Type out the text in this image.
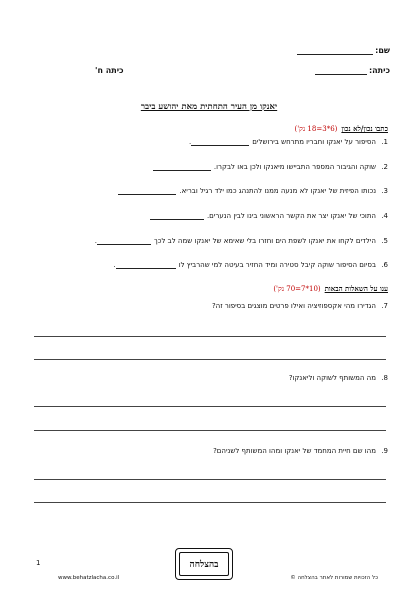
שם:
כיתה:
כיתה ח'
יאנקו מן העיר התחתית מאת יהושע ביבר
כתבו נכון/לא נכון(6*3=18 נק')
1.הסיפור על יאנקו וחבריו מתרחש בירושלים.
2.שוקה והגיבור המספר התביישו מיאנקו ולכן באו לבקרו.
3.נכותו הפיזית של יאנקו לא מנעה ממנו להתנהג כמו ילד רגיל ובריא.
4.התוכי של יאנקו יצר את הקשר הראשוני בינו לבין הנערים.
5.הילדים לקחו את יאנקו לשפת הים וחזרו בלי שאימא של יאנקו שמה לב לכך.
6.בסיום הסיפור שוקה קיבל סטירה ומיד החזיר בעיטה למי שהרביץ לו.
ענו על השאלות הבאות(10*7=70 נק')
7.הגדירו מהי אקספוזיציה ואילו פרטים מוצגים בסיפור זה?
8.מה המשותף לשוקה וליאנקו?
9.מהו שם חיית המחמד של יאנקו ומהו המשותף לשניהם?
1
www.behatzlacha.co.il
בהצלחה
כל הזכויות שמורות לאתר בהצלחה ©
